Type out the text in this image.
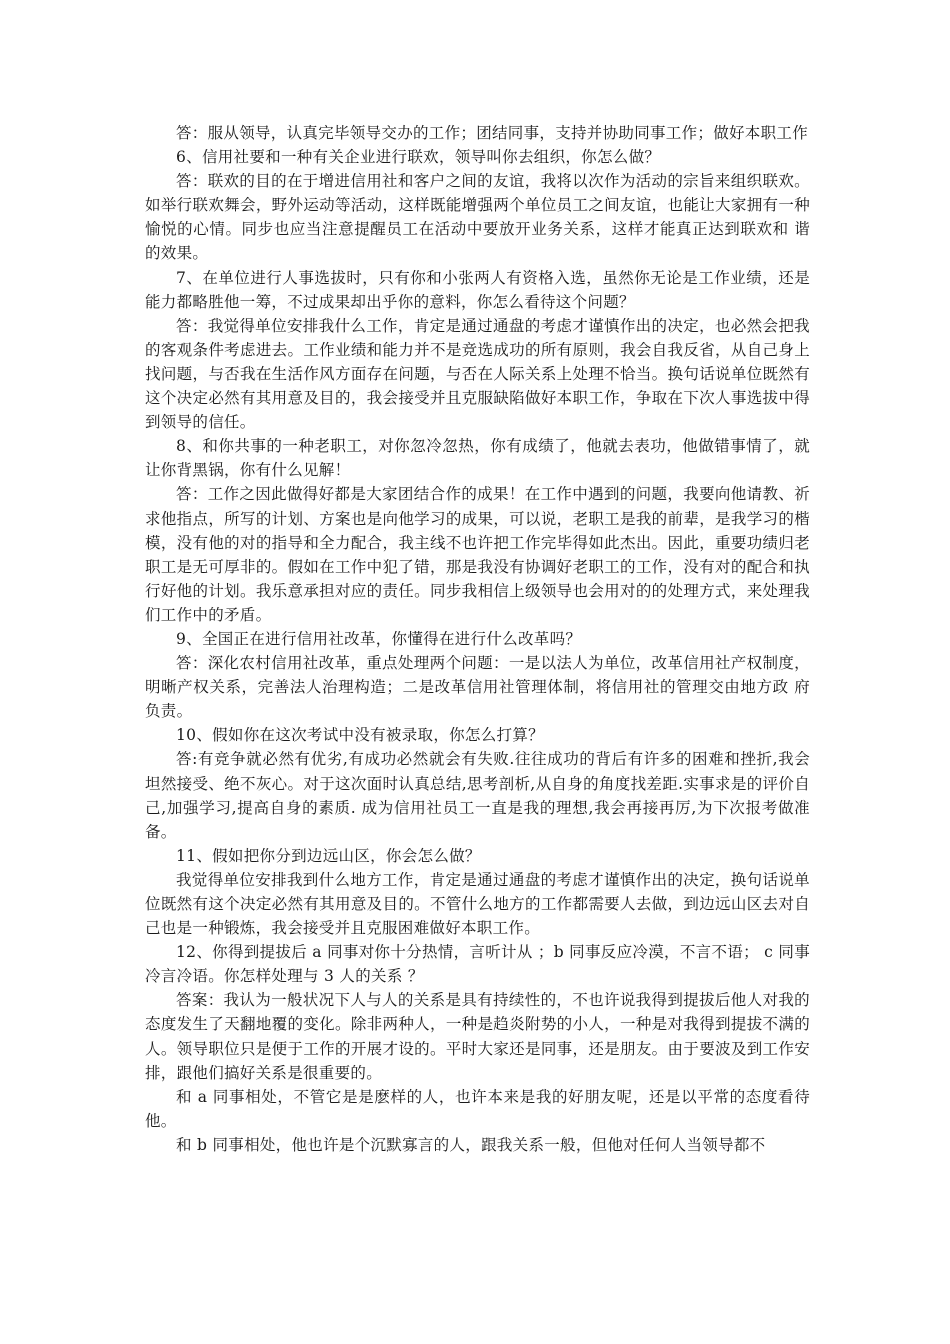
答：服从领导，认真完毕领导交办的工作；团结同事，支持并协助同事工作；做好本职工作

6、信用社要和一种有关企业进行联欢，领导叫你去组织，你怎么做？

答：联欢的目的在于增进信用社和客户之间的友谊，我将以次作为活动的宗旨来组织联欢。如举行联欢舞会，野外运动等活动，这样既能增强两个单位员工之间友谊，也能让大家拥有一种愉悦的心情。同步也应当注意提醒员工在活动中要放开业务关系，这样才能真正达到联欢和 谐的效果。

7、在单位进行人事选拔时，只有你和小张两人有资格入选，虽然你无论是工作业绩，还是能力都略胜他一筹，不过成果却出乎你的意料，你怎么看待这个问题？

答：我觉得单位安排我什么工作，肯定是通过通盘的考虑才谨慎作出的决定，也必然会把我的客观条件考虑进去。工作业绩和能力并不是竞选成功的所有原则，我会自我反省，从自己身上找问题，与否我在生活作风方面存在问题，与否在人际关系上处理不恰当。换句话说单位既然有这个决定必然有其用意及目的，我会接受并且克服缺陷做好本职工作，争取在下次人事选拔中得到领导的信任。

8、和你共事的一种老职工，对你忽冷忽热，你有成绩了，他就去表功，他做错事情了，就让你背黑锅，你有什么见解！

答：工作之因此做得好都是大家团结合作的成果！在工作中遇到的问题，我要向他请教、祈求他指点，所写的计划、方案也是向他学习的成果，可以说，老职工是我的前辈，是我学习的楷模，没有他的对的指导和全力配合，我主线不也许把工作完毕得如此杰出。因此，重要功绩归老职工是无可厚非的。假如在工作中犯了错，那是我没有协调好老职工的工作，没有对的配合和执行好他的计划。我乐意承担对应的责任。同步我相信上级领导也会用对的的处理方式，来处理我们工作中的矛盾。

9、全国正在进行信用社改革，你懂得在进行什么改革吗？

答：深化农村信用社改革，重点处理两个问题：一是以法人为单位，改革信用社产权制度，明晰产权关系，完善法人治理构造；二是改革信用社管理体制，将信用社的管理交由地方政 府负责。

10、假如你在这次考试中没有被录取，你怎么打算？

答:有竞争就必然有优劣,有成功必然就会有失败.往往成功的背后有许多的困难和挫折,我会坦然接受、绝不灰心。对于这次面时认真总结,思考剖析,从自身的角度找差距.实事求是的评价自己,加强学习,提高自身的素质. 成为信用社员工一直是我的理想,我会再接再厉,为下次报考做准备。

11、假如把你分到边远山区，你会怎么做？

我觉得单位安排我到什么地方工作，肯定是通过通盘的考虑才谨慎作出的决定，换句话说单位既然有这个决定必然有其用意及目的。不管什么地方的工作都需要人去做，到边远山区去对自己也是一种锻炼，我会接受并且克服困难做好本职工作。

12、你得到提拔后 a 同事对你十分热情，言听计从 ；b 同事反应冷漠，不言不语； c 同事冷言冷语。你怎样处理与 3 人的关系 ？

答案：我认为一般状况下人与人的关系是具有持续性的，不也许说我得到提拔后他人对我的态度发生了天翻地覆的变化。除非两种人，一种是趋炎附势的小人，一种是对我得到提拔不满的人。领导职位只是便于工作的开展才设的。平时大家还是同事，还是朋友。由于要波及到工作安排，跟他们搞好关系是很重要的。

和 a 同事相处，不管它是是麽样的人，也许本来是我的好朋友呢，还是以平常的态度看待他。

和 b 同事相处，他也许是个沉默寡言的人，跟我关系一般，但他对任何人当领导都不
